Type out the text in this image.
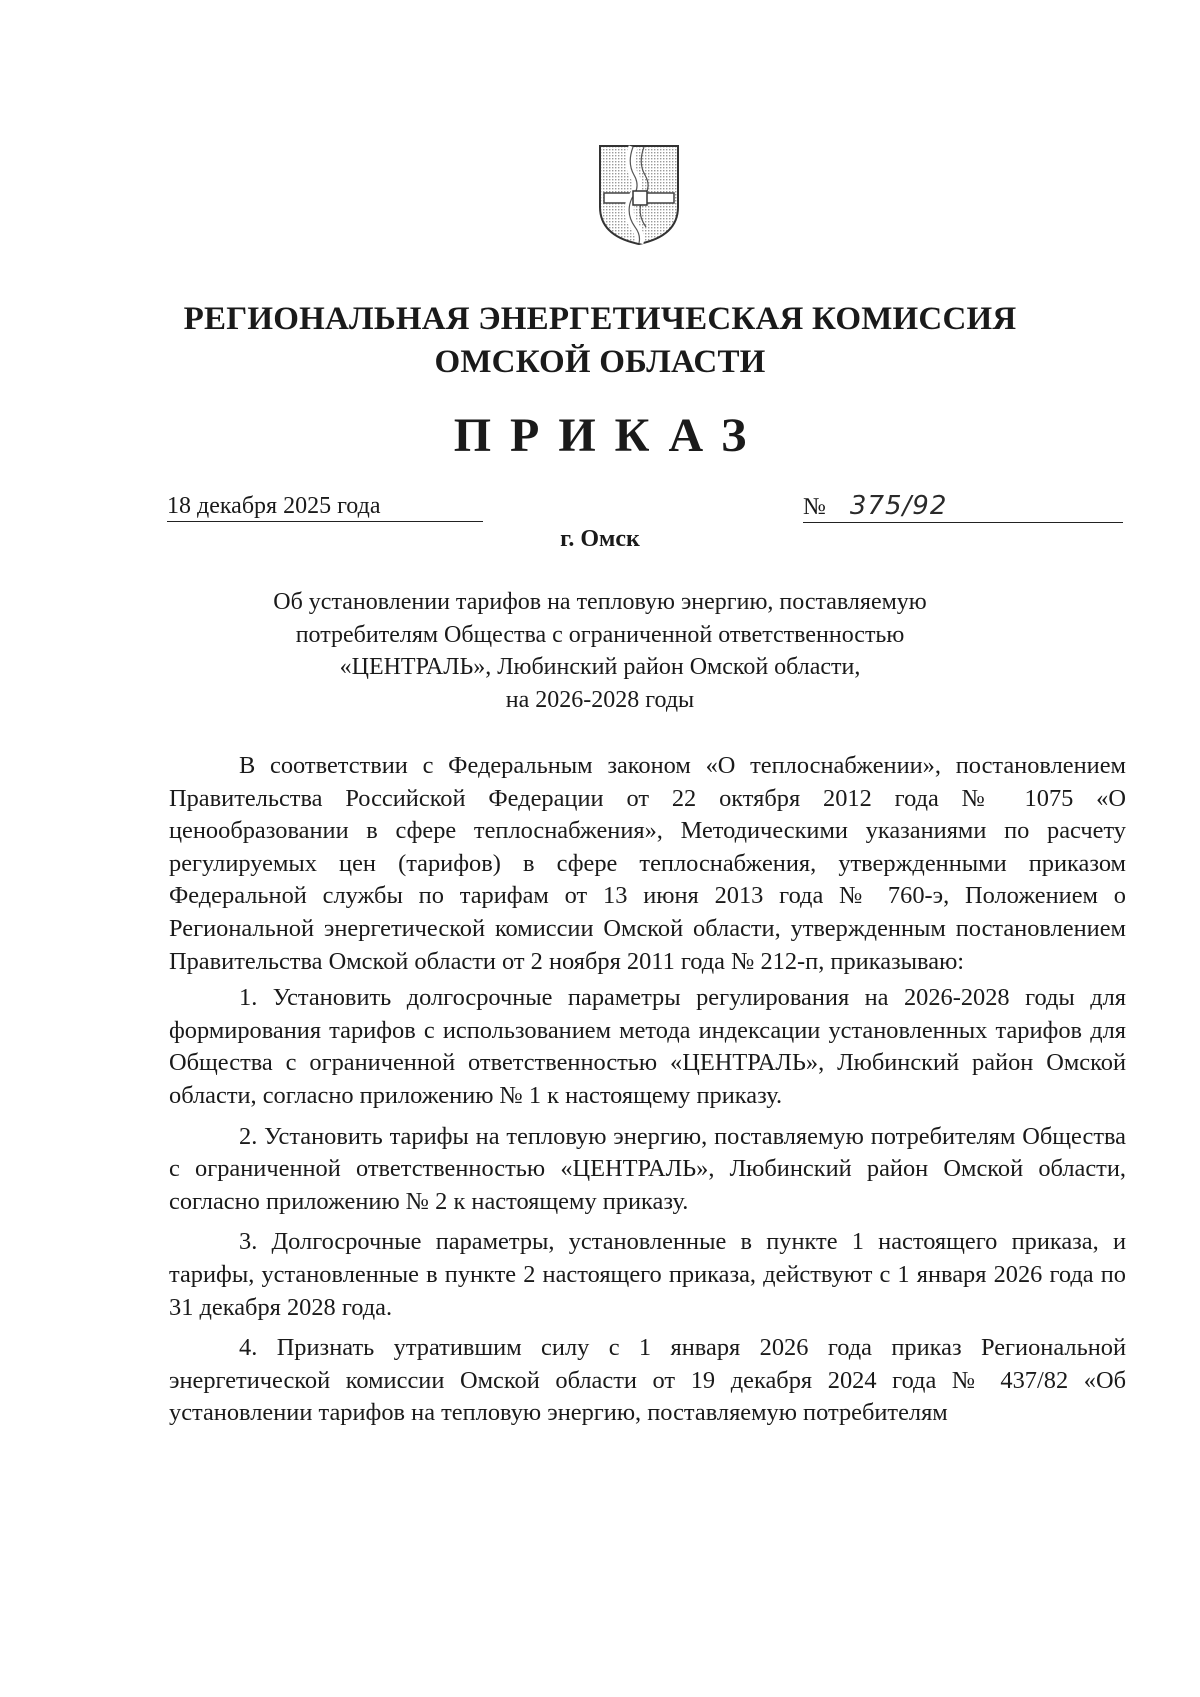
РЕГИОНАЛЬНАЯ ЭНЕРГЕТИЧЕСКАЯ КОМИССИЯ
ОМСКОЙ ОБЛАСТИ
ПРИКАЗ
18 декабря 2025 года	№ 375/92
г. Омск
Об установлении тарифов на тепловую энергию, поставляемую
потребителям Общества с ограниченной ответственностью
«ЦЕНТРАЛЬ», Любинский район Омской области,
на 2026-2028 годы

В соответствии с Федеральным законом «О теплоснабжении», постановлением Правительства Российской Федерации от 22 октября 2012 года № 1075 «О ценообразовании в сфере теплоснабжения», Методическими указаниями по расчету регулируемых цен (тарифов) в сфере теплоснабжения, утвержденными приказом Федеральной службы по тарифам от 13 июня 2013 года № 760-э, Положением о Региональной энергетической комиссии Омской области, утвержденным постановлением Правительства Омской области от 2 ноября 2011 года № 212-п, приказываю:

1. Установить долгосрочные параметры регулирования на 2026-2028 годы для формирования тарифов с использованием метода индексации установленных тарифов для Общества с ограниченной ответственностью «ЦЕНТРАЛЬ», Любинский район Омской области, согласно приложению № 1 к настоящему приказу.

2. Установить тарифы на тепловую энергию, поставляемую потребителям Общества с ограниченной ответственностью «ЦЕНТРАЛЬ», Любинский район Омской области, согласно приложению № 2 к настоящему приказу.

3. Долгосрочные параметры, установленные в пункте 1 настоящего приказа, и тарифы, установленные в пункте 2 настоящего приказа, действуют с 1 января 2026 года по 31 декабря 2028 года.

4. Признать утратившим силу с 1 января 2026 года приказ Региональной энергетической комиссии Омской области от 19 декабря 2024 года № 437/82 «Об установлении тарифов на тепловую энергию, поставляемую потребителям
